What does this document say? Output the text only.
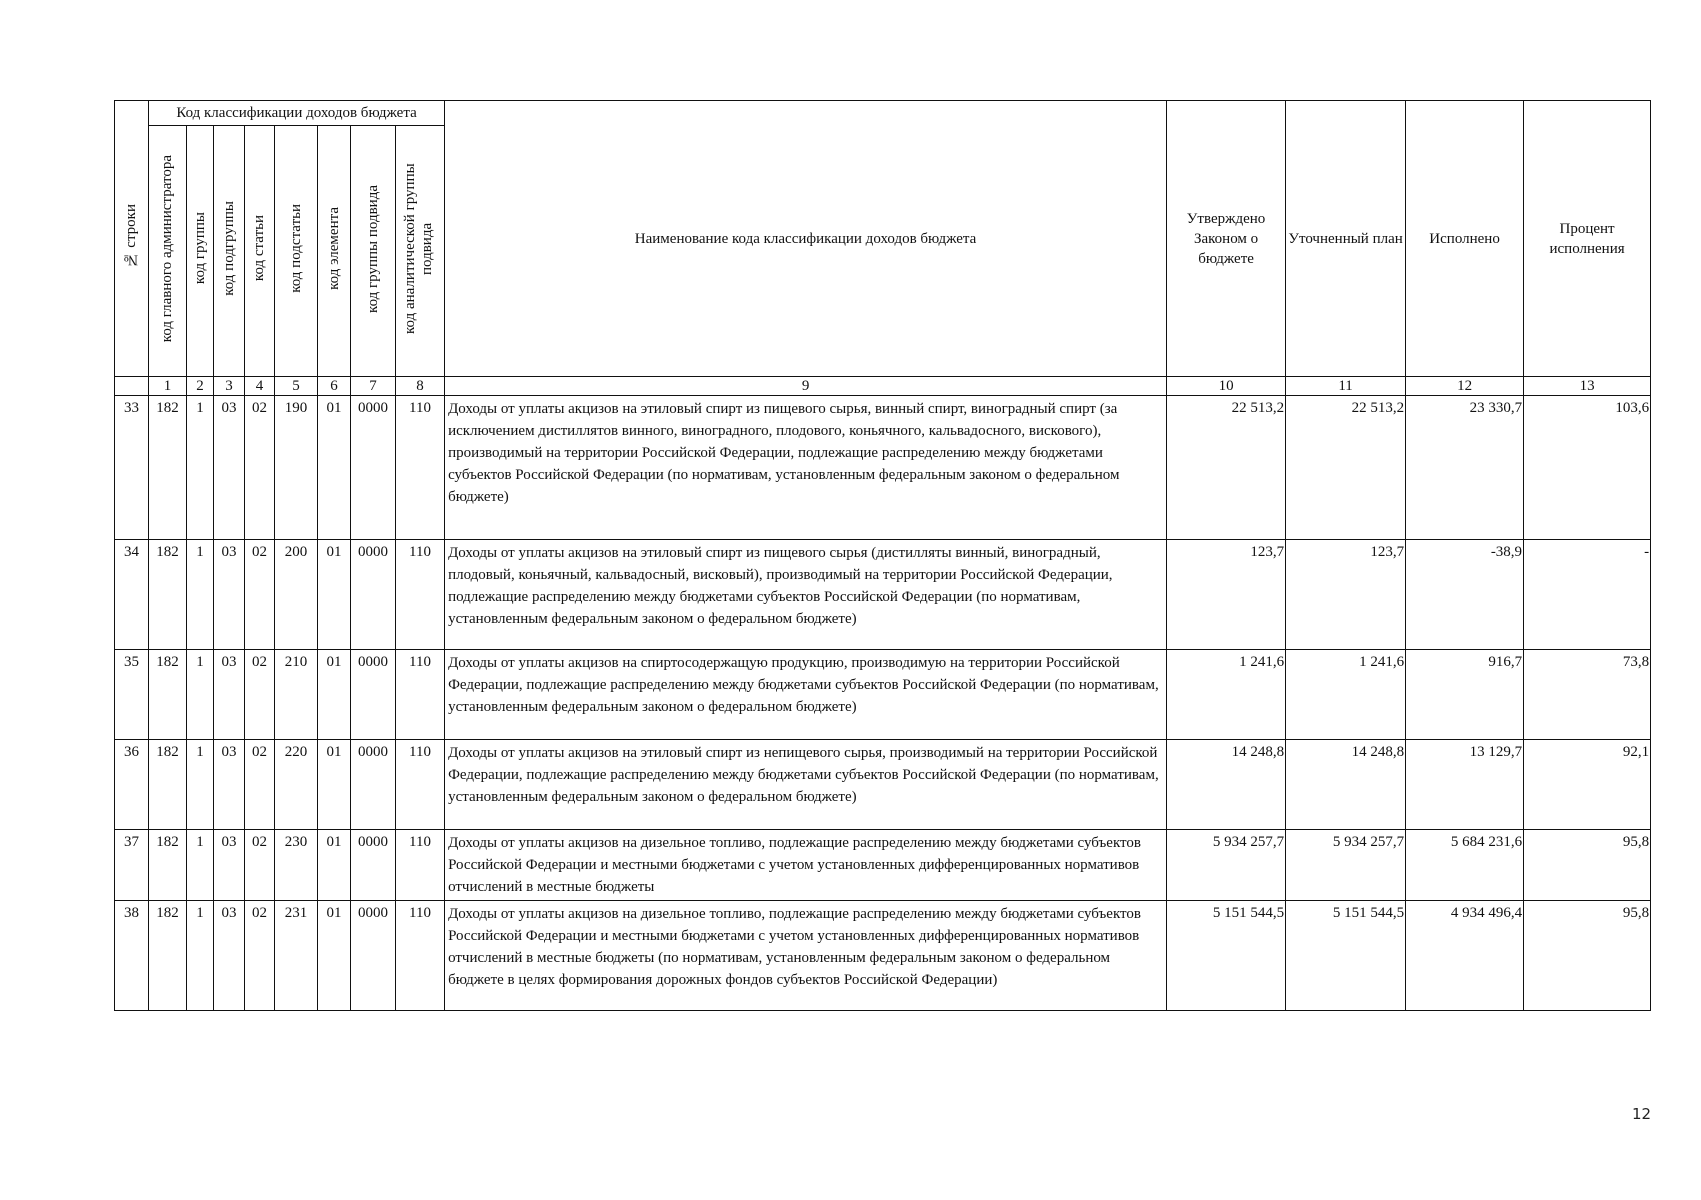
№ строки	Код классификации доходов бюджета								Наименование кода классификации доходов бюджета	Утверждено Законом о бюджете	Уточненный план	Исполнено	Процент исполнения
	код главного администратора	код группы	код подгруппы	код статьи	код подстатьи	код элемента	код группы подвида	код аналитической группы подвида					
	1	2	3	4	5	6	7	8	9	10	11	12	13
33	182	1	03	02	190	01	0000	110	Доходы от уплаты акцизов на этиловый спирт из пищевого сырья, винный спирт, виноградный спирт (за исключением дистиллятов винного, виноградного, плодового, коньячного, кальвадосного, вискового), производимый на территории Российской Федерации, подлежащие распределению между бюджетами субъектов Российской Федерации (по нормативам, установленным федеральным законом о федеральном бюджете)	22 513,2	22 513,2	23 330,7	103,6
34	182	1	03	02	200	01	0000	110	Доходы от уплаты акцизов на этиловый спирт из пищевого сырья (дистилляты винный, виноградный, плодовый, коньячный, кальвадосный, висковый), производимый на территории Российской Федерации, подлежащие распределению между бюджетами субъектов Российской Федерации (по нормативам, установленным федеральным законом о федеральном бюджете)	123,7	123,7	-38,9	-
35	182	1	03	02	210	01	0000	110	Доходы от уплаты акцизов на спиртосодержащую продукцию, производимую на территории Российской Федерации, подлежащие распределению между бюджетами субъектов Российской Федерации (по нормативам, установленным федеральным законом о федеральном бюджете)	1 241,6	1 241,6	916,7	73,8
36	182	1	03	02	220	01	0000	110	Доходы от уплаты акцизов на этиловый спирт из непищевого сырья, производимый на территории Российской Федерации, подлежащие распределению между бюджетами субъектов Российской Федерации (по нормативам, установленным федеральным законом о федеральном бюджете)	14 248,8	14 248,8	13 129,7	92,1
37	182	1	03	02	230	01	0000	110	Доходы от уплаты акцизов на дизельное топливо, подлежащие распределению между бюджетами субъектов Российской Федерации и местными бюджетами с учетом установленных дифференцированных нормативов отчислений в местные бюджеты	5 934 257,7	5 934 257,7	5 684 231,6	95,8
38	182	1	03	02	231	01	0000	110	Доходы от уплаты акцизов на дизельное топливо, подлежащие распределению между бюджетами субъектов Российской Федерации и местными бюджетами с учетом установленных дифференцированных нормативов отчислений в местные бюджеты (по нормативам, установленным федеральным законом о федеральном бюджете в целях формирования дорожных фондов субъектов Российской Федерации)	5 151 544,5	5 151 544,5	4 934 496,4	95,8
12
